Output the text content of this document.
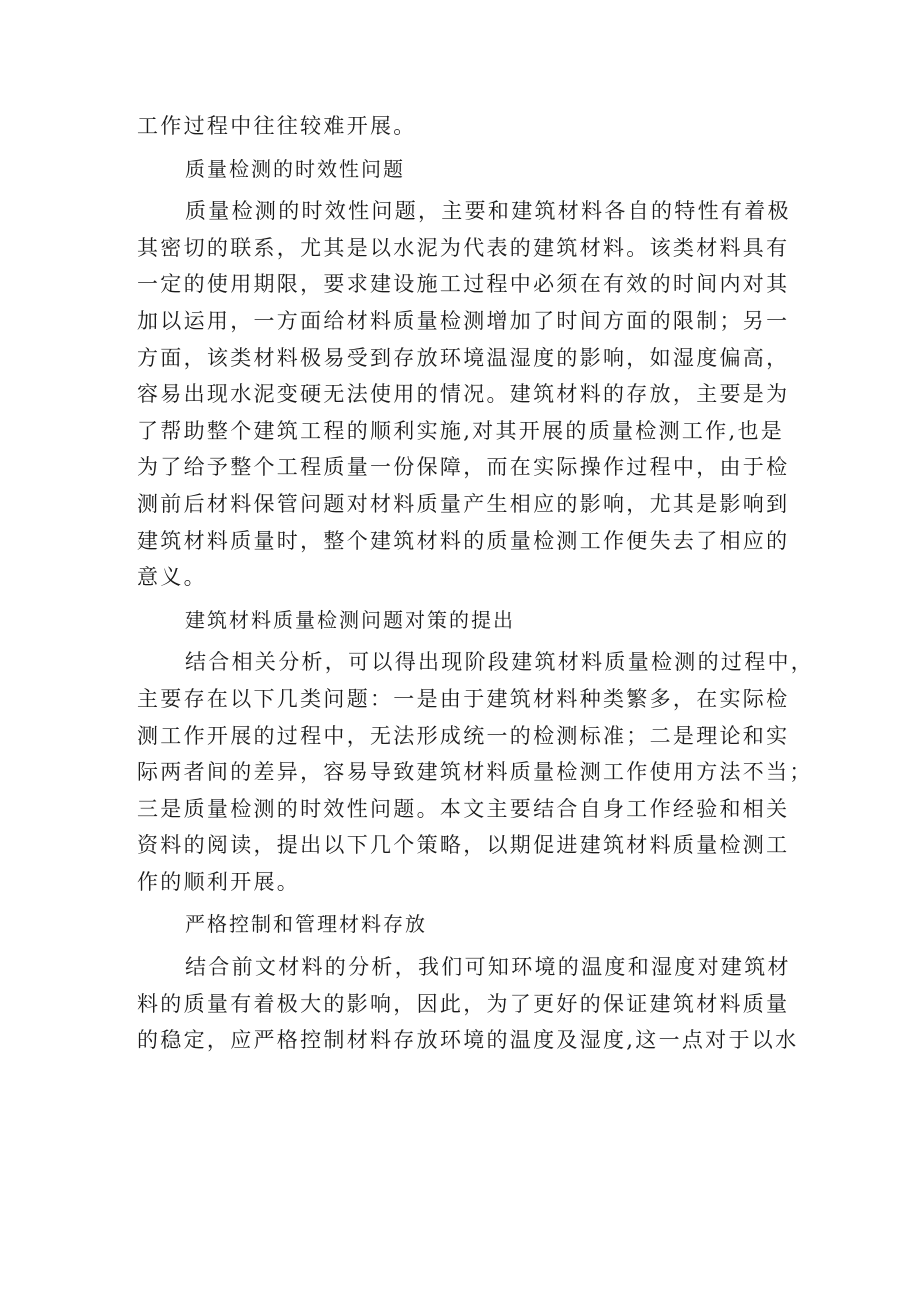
工作过程中往往较难开展。
质量检测的时效性问题
质量检测的时效性问题，主要和建筑材料各自的特性有着极
其密切的联系，尤其是以水泥为代表的建筑材料。该类材料具有
一定的使用期限，要求建设施工过程中必须在有效的时间内对其
加以运用，一方面给材料质量检测增加了时间方面的限制；另一
方面，该类材料极易受到存放环境温湿度的影响，如湿度偏高，
容易出现水泥变硬无法使用的情况。建筑材料的存放，主要是为
了帮助整个建筑工程的顺利实施,对其开展的质量检测工作,也是
为了给予整个工程质量一份保障，而在实际操作过程中，由于检
测前后材料保管问题对材料质量产生相应的影响，尤其是影响到
建筑材料质量时，整个建筑材料的质量检测工作便失去了相应的
意义。
建筑材料质量检测问题对策的提出
结合相关分析，可以得出现阶段建筑材料质量检测的过程中，
主要存在以下几类问题：一是由于建筑材料种类繁多，在实际检
测工作开展的过程中，无法形成统一的检测标准；二是理论和实
际两者间的差异，容易导致建筑材料质量检测工作使用方法不当；
三是质量检测的时效性问题。本文主要结合自身工作经验和相关
资料的阅读，提出以下几个策略，以期促进建筑材料质量检测工
作的顺利开展。
严格控制和管理材料存放
结合前文材料的分析，我们可知环境的温度和湿度对建筑材
料的质量有着极大的影响，因此，为了更好的保证建筑材料质量
的稳定，应严格控制材料存放环境的温度及湿度,这一点对于以水
